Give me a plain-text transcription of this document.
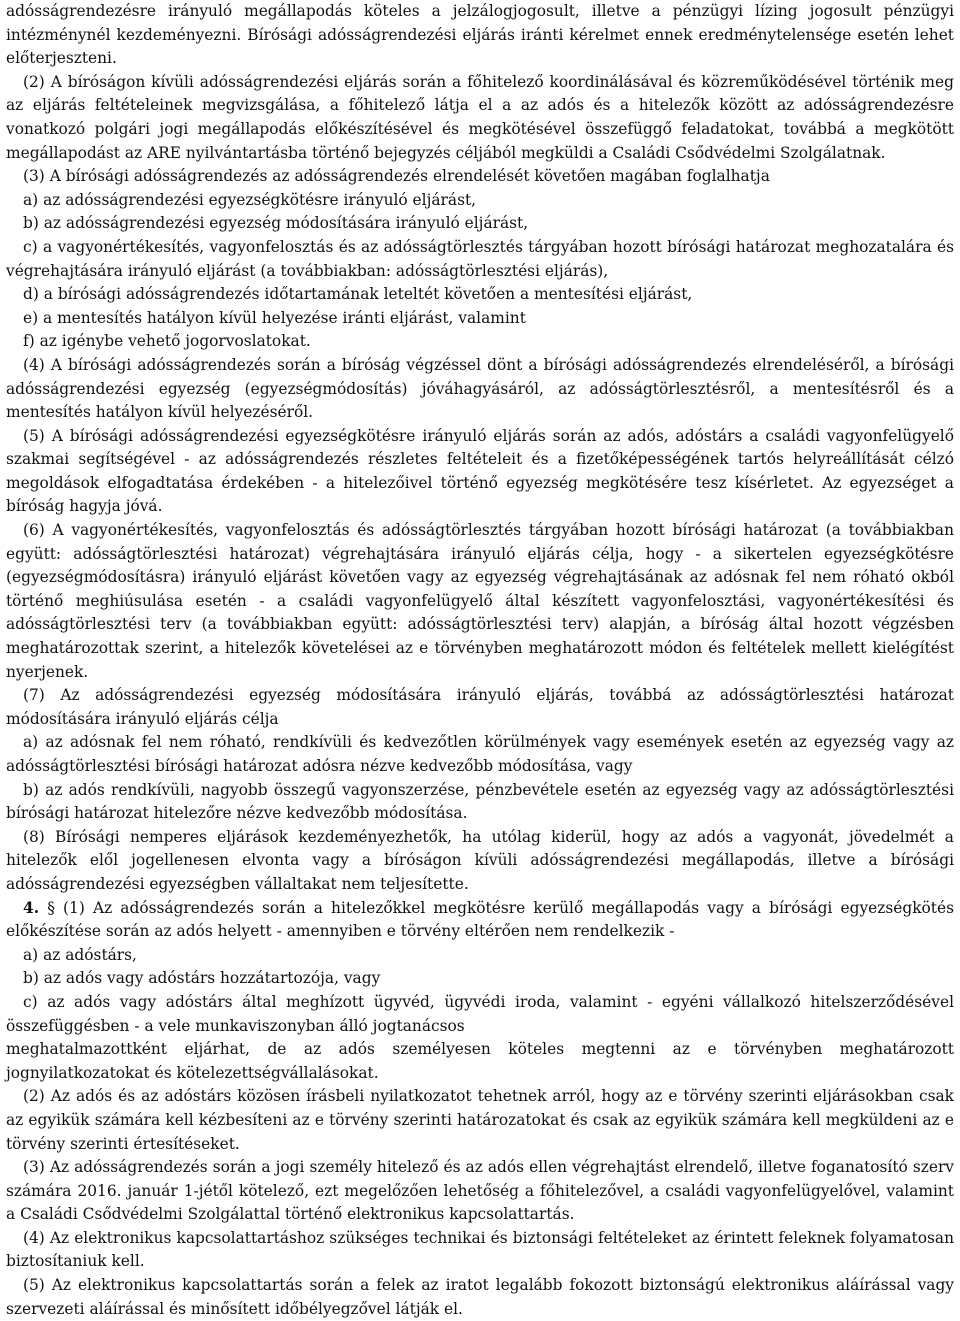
adósságrendezésre irányuló megállapodás köteles a jelzálogjogosult, illetve a pénzügyi lízing jogosult pénzügyi intézménynél kezdeményezni. Bírósági adósságrendezési eljárás iránti kérelmet ennek eredménytelensége esetén lehet előterjeszteni.

(2) A bíróságon kívüli adósságrendezési eljárás során a főhitelező koordinálásával és közreműködésével történik meg az eljárás feltételeinek megvizsgálása, a főhitelező látja el a az adós és a hitelezők között az adósságrendezésre vonatkozó polgári jogi megállapodás előkészítésével és megkötésével összefüggő feladatokat, továbbá a megkötött megállapodást az ARE nyilvántartásba történő bejegyzés céljából megküldi a Családi Csődvédelmi Szolgálatnak.

(3) A bírósági adósságrendezés az adósságrendezés elrendelését követően magában foglalhatja

a) az adósságrendezési egyezségkötésre irányuló eljárást,

b) az adósságrendezési egyezség módosítására irányuló eljárást,

c) a vagyonértékesítés, vagyonfelosztás és az adósságtörlesztés tárgyában hozott bírósági határozat meghozatalára és végrehajtására irányuló eljárást (a továbbiakban: adósságtörlesztési eljárás),

d) a bírósági adósságrendezés időtartamának leteltét követően a mentesítési eljárást,

e) a mentesítés hatályon kívül helyezése iránti eljárást, valamint

f) az igénybe vehető jogorvoslatokat.

(4) A bírósági adósságrendezés során a bíróság végzéssel dönt a bírósági adósságrendezés elrendeléséről, a bírósági adósságrendezési egyezség (egyezségmódosítás) jóváhagyásáról, az adósságtörlesztésről, a mentesítésről és a mentesítés hatályon kívül helyezéséről.

(5) A bírósági adósságrendezési egyezségkötésre irányuló eljárás során az adós, adóstárs a családi vagyonfelügyelő szakmai segítségével - az adósságrendezés részletes feltételeit és a fizetőképességének tartós helyreállítását célzó megoldások elfogadtatása érdekében - a hitelezőivel történő egyezség megkötésére tesz kísérletet. Az egyezséget a bíróság hagyja jóvá.

(6) A vagyonértékesítés, vagyonfelosztás és adósságtörlesztés tárgyában hozott bírósági határozat (a továbbiakban együtt: adósságtörlesztési határozat) végrehajtására irányuló eljárás célja, hogy - a sikertelen egyezségkötésre (egyezségmódosításra) irányuló eljárást követően vagy az egyezség végrehajtásának az adósnak fel nem róható okból történő meghiúsulása esetén - a családi vagyonfelügyelő által készített vagyonfelosztási, vagyonértékesítési és adósságtörlesztési terv (a továbbiakban együtt: adósságtörlesztési terv) alapján, a bíróság által hozott végzésben meghatározottak szerint, a hitelezők követelései az e törvényben meghatározott módon és feltételek mellett kielégítést nyerjenek.

(7) Az adósságrendezési egyezség módosítására irányuló eljárás, továbbá az adósságtörlesztési határozat módosítására irányuló eljárás célja

a) az adósnak fel nem róható, rendkívüli és kedvezőtlen körülmények vagy események esetén az egyezség vagy az adósságtörlesztési bírósági határozat adósra nézve kedvezőbb módosítása, vagy

b) az adós rendkívüli, nagyobb összegű vagyonszerzése, pénzbevétele esetén az egyezség vagy az adósságtörlesztési bírósági határozat hitelezőre nézve kedvezőbb módosítása.

(8) Bírósági nemperes eljárások kezdeményezhetők, ha utólag kiderül, hogy az adós a vagyonát, jövedelmét a hitelezők elől jogellenesen elvonta vagy a bíróságon kívüli adósságrendezési megállapodás, illetve a bírósági adósságrendezési egyezségben vállaltakat nem teljesítette.

4. § (1) Az adósságrendezés során a hitelezőkkel megkötésre kerülő megállapodás vagy a bírósági egyezségkötés előkészítése során az adós helyett - amennyiben e törvény eltérően nem rendelkezik -

a) az adóstárs,

b) az adós vagy adóstárs hozzátartozója, vagy

c) az adós vagy adóstárs által meghízott ügyvéd, ügyvédi iroda, valamint - egyéni vállalkozó hitelszerződésével összefüggésben - a vele munkaviszonyban álló jogtanácsos

meghatalmazottként eljárhat, de az adós személyesen köteles megtenni az e törvényben meghatározott jognyilatkozatokat és kötelezettségvállalásokat.

(2) Az adós és az adóstárs közösen írásbeli nyilatkozatot tehetnek arról, hogy az e törvény szerinti eljárásokban csak az egyikük számára kell kézbesíteni az e törvény szerinti határozatokat és csak az egyikük számára kell megküldeni az e törvény szerinti értesítéseket.

(3) Az adósságrendezés során a jogi személy hitelező és az adós ellen végrehajtást elrendelő, illetve foganatosító szerv számára 2016. január 1-jétől kötelező, ezt megelőzően lehetőség a főhitelezővel, a családi vagyonfelügyelővel, valamint a Családi Csődvédelmi Szolgálattal történő elektronikus kapcsolattartás.

(4) Az elektronikus kapcsolattartáshoz szükséges technikai és biztonsági feltételeket az érintett feleknek folyamatosan biztosítaniuk kell.

(5) Az elektronikus kapcsolattartás során a felek az iratot legalább fokozott biztonságú elektronikus aláírással vagy szervezeti aláírással és minősített időbélyegzővel látják el.
